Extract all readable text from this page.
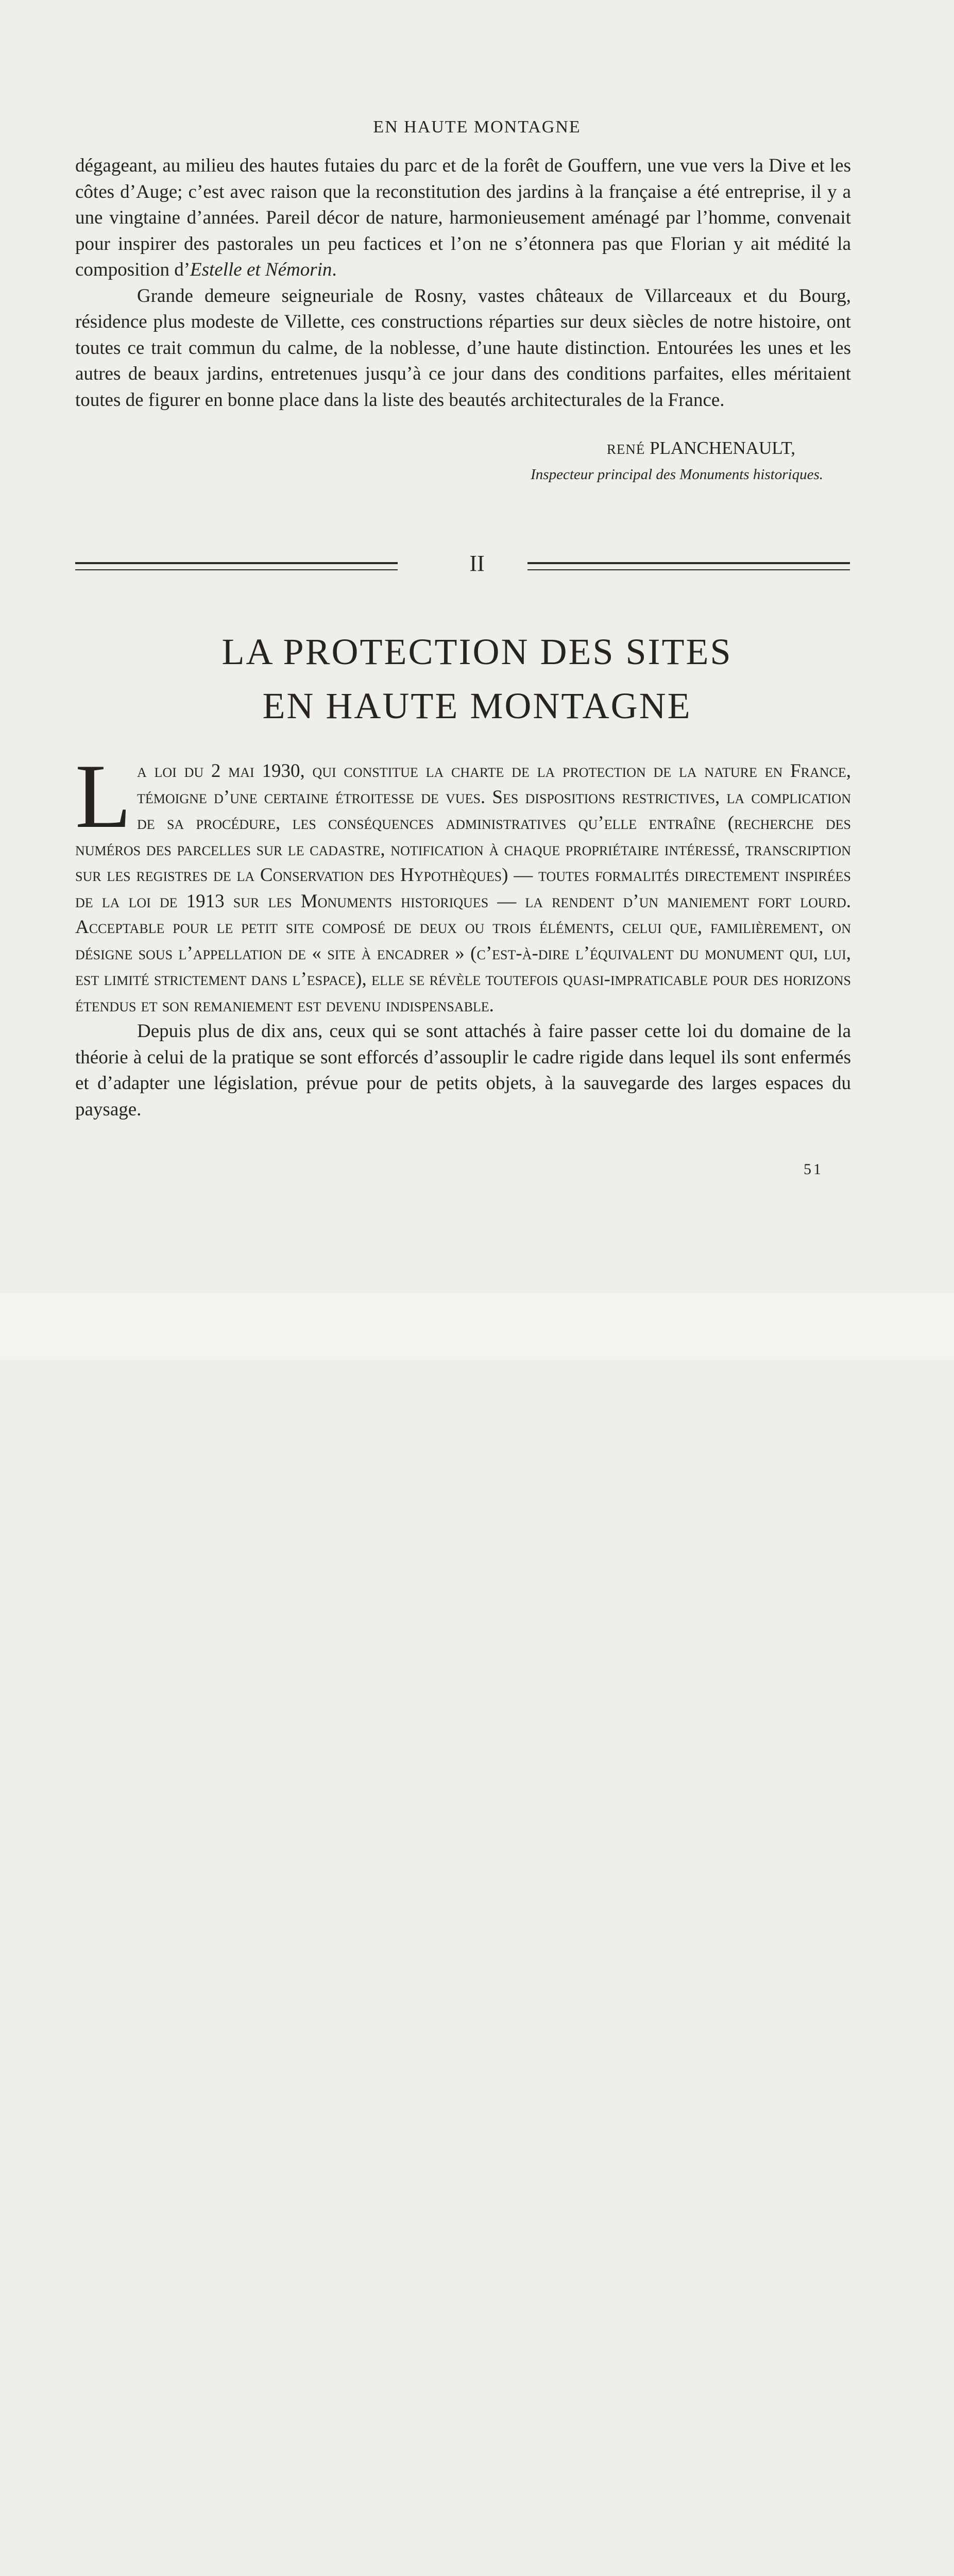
EN HAUTE MONTAGNE

dégageant, au milieu des hautes futaies du parc et de la forêt de Gouffern, une vue vers la Dive et les côtes d’Auge; c’est avec raison que la reconstitution des jardins à la française a été entreprise, il y a une vingtaine d’années. Pareil décor de nature, harmonieusement aménagé par l’homme, convenait pour inspirer des pastorales un peu factices et l’on ne s’étonnera pas que Florian y ait médité la composition d’Estelle et Némorin.

Grande demeure seigneuriale de Rosny, vastes châteaux de Villarceaux et du Bourg, résidence plus modeste de Villette, ces constructions réparties sur deux siècles de notre histoire, ont toutes ce trait commun du calme, de la noblesse, d’une haute distinction. Entourées les unes et les autres de beaux jardins, entretenues jusqu’à ce jour dans des conditions parfaites, elles méritaient toutes de figurer en bonne place dans la liste des beautés architecturales de la France.

RENÉ PLANCHENAULT,
Inspecteur principal des Monuments historiques.
II
LA PROTECTION DES SITES
EN HAUTE MONTAGNE
L a loi du 2 mai 1930, qui constitue la charte de la protection de la nature en France, témoigne d’une certaine étroitesse de vues. Ses dispositions restrictives, la complication de sa procédure, les conséquences administratives qu’elle entraîne (recherche des numéros des parcelles sur le cadastre, notification à chaque propriétaire intéressé, transcription sur les registres de la Conservation des Hypothèques) — toutes formalités directement inspirées de la loi de 1913 sur les Monuments historiques — la rendent d’un maniement fort lourd. Acceptable pour le petit site composé de deux ou trois éléments, celui que, familièrement, on désigne sous l’appellation de « site à encadrer » (c’est-à-dire l’équivalent du monument qui, lui, est limité strictement dans l’espace), elle se révèle toutefois quasi-impraticable pour des horizons étendus et son remaniement est devenu indispensable.

Depuis plus de dix ans, ceux qui se sont attachés à faire passer cette loi du domaine de la théorie à celui de la pratique se sont efforcés d’assouplir le cadre rigide dans lequel ils sont enfermés et d’adapter une législation, prévue pour de petits objets, à la sauvegarde des larges espaces du paysage.

51
